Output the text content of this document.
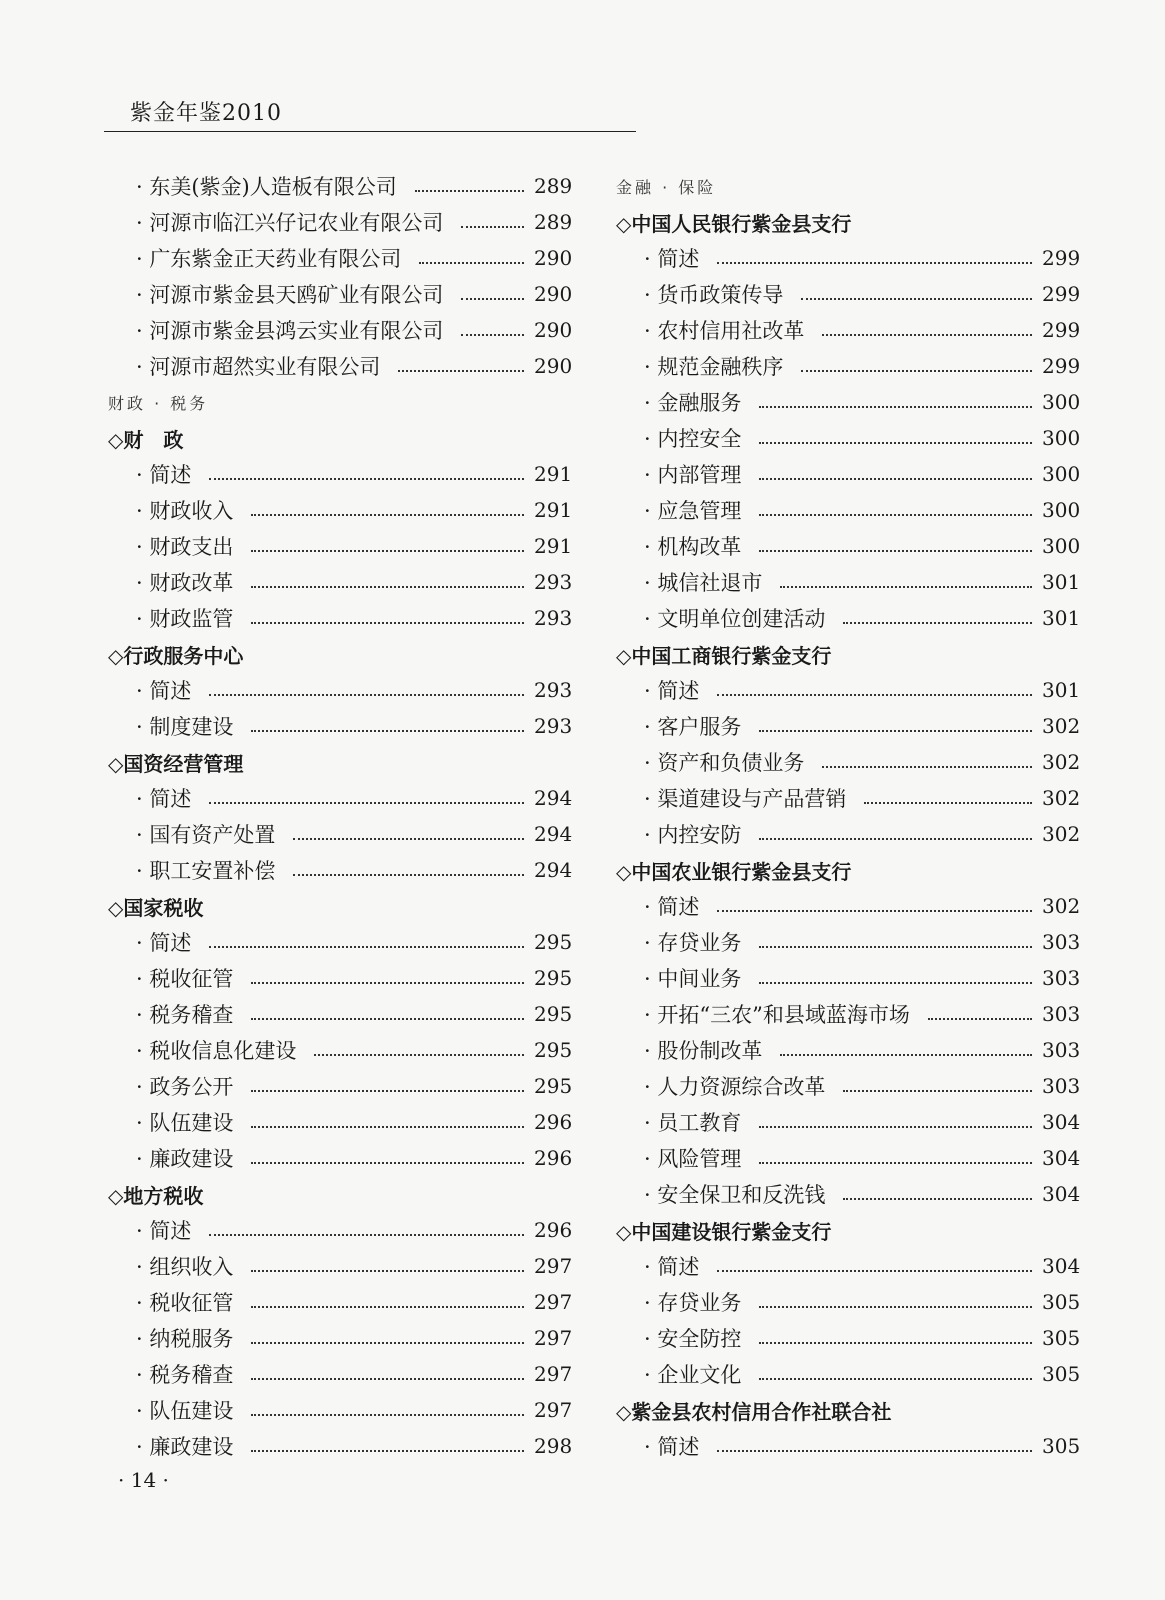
紫金年鉴2010
· 东美(紫金)人造板有限公司	289
· 河源市临江兴仔记农业有限公司	289
· 广东紫金正天药业有限公司	290
· 河源市紫金县天鸥矿业有限公司	290
· 河源市紫金县鸿云实业有限公司	290
· 河源市超然实业有限公司	290
财政 · 税务
◇财　政
· 简述	291
· 财政收入	291
· 财政支出	291
· 财政改革	293
· 财政监管	293
◇行政服务中心
· 简述	293
· 制度建设	293
◇国资经营管理
· 简述	294
· 国有资产处置	294
· 职工安置补偿	294
◇国家税收
· 简述	295
· 税收征管	295
· 税务稽查	295
· 税收信息化建设	295
· 政务公开	295
· 队伍建设	296
· 廉政建设	296
◇地方税收
· 简述	296
· 组织收入	297
· 税收征管	297
· 纳税服务	297
· 税务稽查	297
· 队伍建设	297
· 廉政建设	298
金融 · 保险
◇中国人民银行紫金县支行
· 简述	299
· 货币政策传导	299
· 农村信用社改革	299
· 规范金融秩序	299
· 金融服务	300
· 内控安全	300
· 内部管理	300
· 应急管理	300
· 机构改革	300
· 城信社退市	301
· 文明单位创建活动	301
◇中国工商银行紫金支行
· 简述	301
· 客户服务	302
· 资产和负债业务	302
· 渠道建设与产品营销	302
· 内控安防	302
◇中国农业银行紫金县支行
· 简述	302
· 存贷业务	303
· 中间业务	303
· 开拓“三农”和县域蓝海市场	303
· 股份制改革	303
· 人力资源综合改革	303
· 员工教育	304
· 风险管理	304
· 安全保卫和反洗钱	304
◇中国建设银行紫金支行
· 简述	304
· 存贷业务	305
· 安全防控	305
· 企业文化	305
◇紫金县农村信用合作社联合社
· 简述	305
· 14 ·
